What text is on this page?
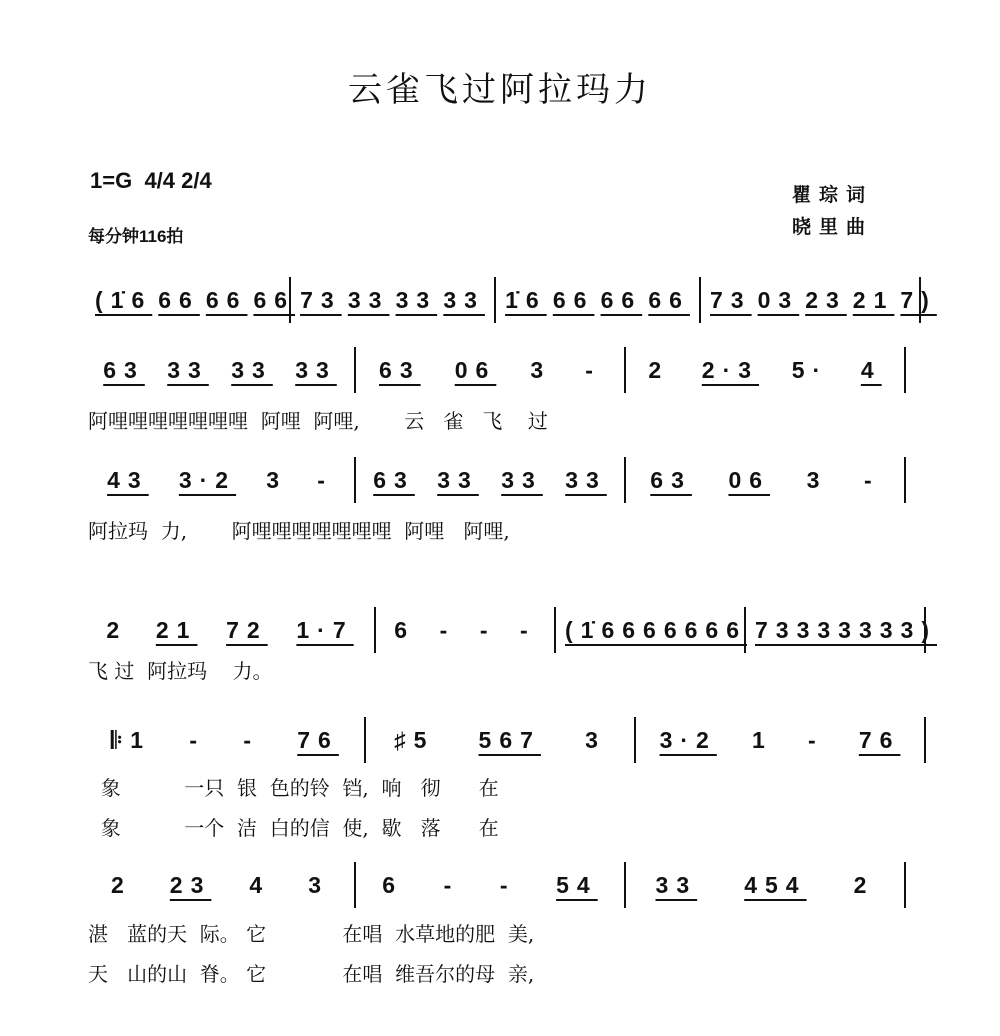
云雀飞过阿拉玛力
1=G 4/4 2/4
每分钟116拍
瞿琮词
晓里曲
(1̇6 66 66 66 73 33 33 33 1̇6 66 66 66 73 03 23 21 7)
63 33 33 33 63 06 3 - 2 2·3 5· 4
阿哩哩哩哩哩哩哩  阿哩  阿哩,       云   雀   飞    过
43 3·2 3 - 63 33 33 33 63 06 3 -
阿拉玛  力,       阿哩哩哩哩哩哩哩  阿哩   阿哩,
2 21 72 1·7 6 - - - (1̇6666666 73333333)
飞 过  阿拉玛    力。
𝄆1 - - 76 ♯5 567 3 3·2 1 - 76
象          一只  银  色的铃  铛,  响   彻      在
象          一个  洁  白的信  使,  歇   落      在
2 23 4 3 6 - - 54	33 454 2
湛   蓝的天  际。 它            在唱  水草地的肥  美,
天   山的山  脊。 它            在唱  维吾尔的母  亲,
